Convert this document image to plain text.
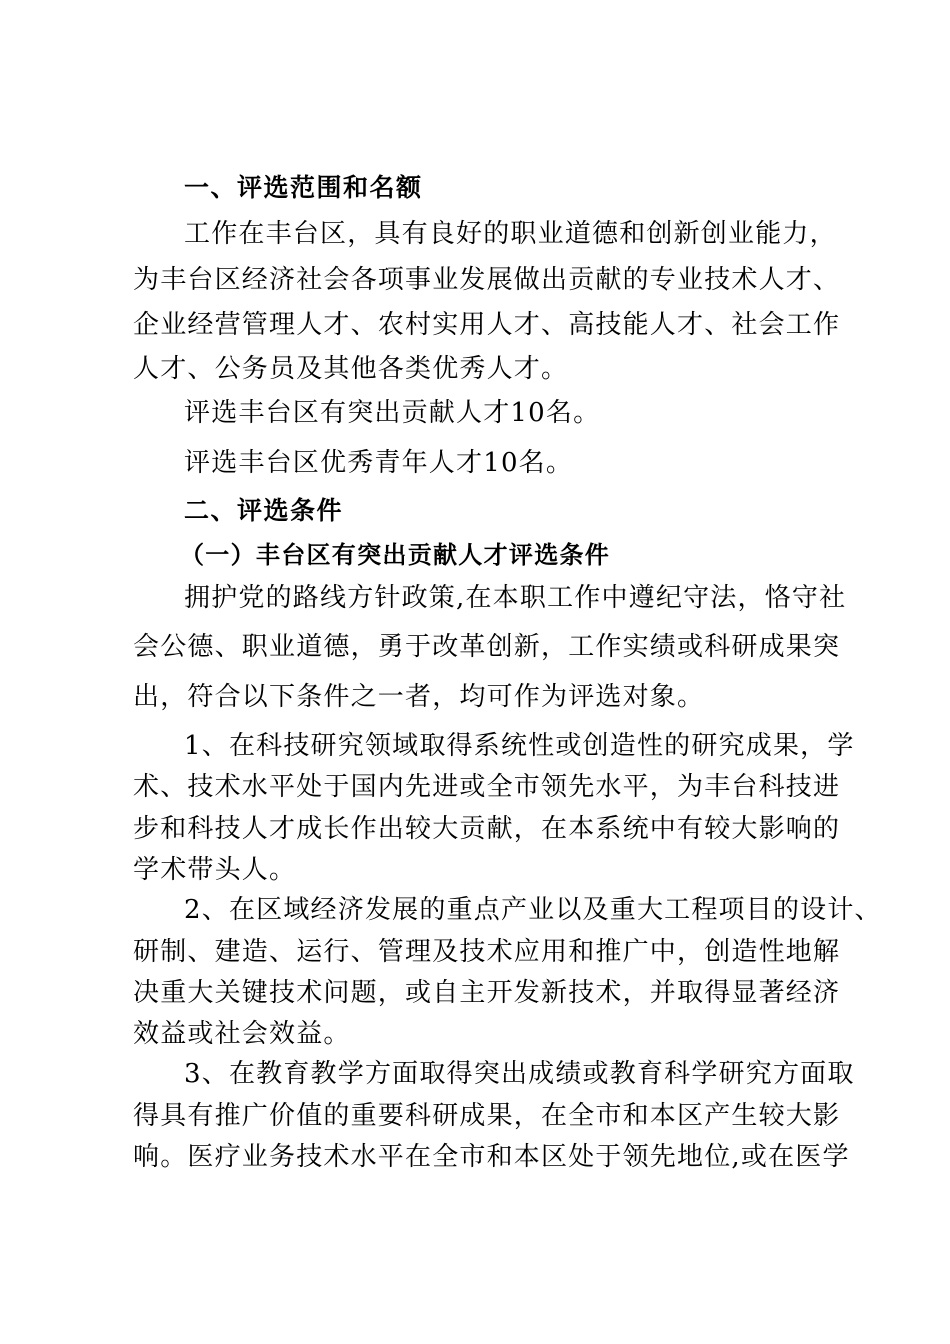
一、评选范围和名额
工作在丰台区，具有良好的职业道德和创新创业能力，
为丰台区经济社会各项事业发展做出贡献的专业技术人才、
企业经营管理人才、农村实用人才、高技能人才、社会工作
人才、公务员及其他各类优秀人才。
评选丰台区有突出贡献人才10名。
评选丰台区优秀青年人才10名。
二、评选条件
（一）丰台区有突出贡献人才评选条件
拥护党的路线方针政策,在本职工作中遵纪守法，恪守社
会公德、职业道德，勇于改革创新，工作实绩或科研成果突
出，符合以下条件之一者，均可作为评选对象。
1、在科技研究领域取得系统性或创造性的研究成果，学
术、技术水平处于国内先进或全市领先水平，为丰台科技进
步和科技人才成长作出较大贡献，在本系统中有较大影响的
学术带头人。
2、在区域经济发展的重点产业以及重大工程项目的设计、
研制、建造、运行、管理及技术应用和推广中，创造性地解
决重大关键技术问题，或自主开发新技术，并取得显著经济
效益或社会效益。
3、在教育教学方面取得突出成绩或教育科学研究方面取
得具有推广价值的重要科研成果，在全市和本区产生较大影
响。医疗业务技术水平在全市和本区处于领先地位,或在医学
